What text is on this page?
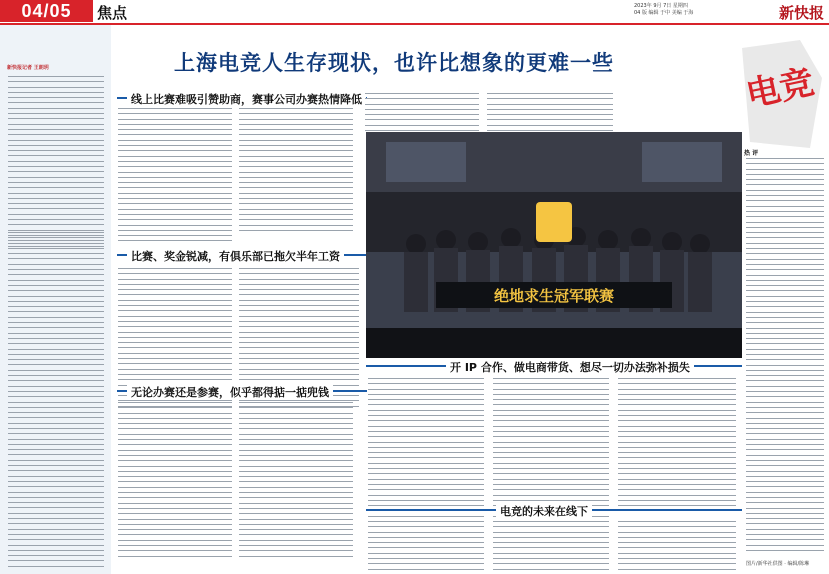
04/05	焦点	2023年 9月 7日 星期四
04 版 编辑 于中 美编 于海	新快报
新快报记者 王朗玥	上海电竞人生存现状，也许比想象的更难一些	电竞
线上比赛难吸引赞助商，赛事公司办赛热情降低
比赛、奖金锐减，有俱乐部已拖欠半年工资
绝地求生冠军联赛
无论办赛还是参赛，似乎都得掂一掂兜钱
开 IP 合作、做电商带货、想尽一切办法弥补损失
电竞的未来在线下
热 评
图片/新华社供图 · 编辑/陈琳
